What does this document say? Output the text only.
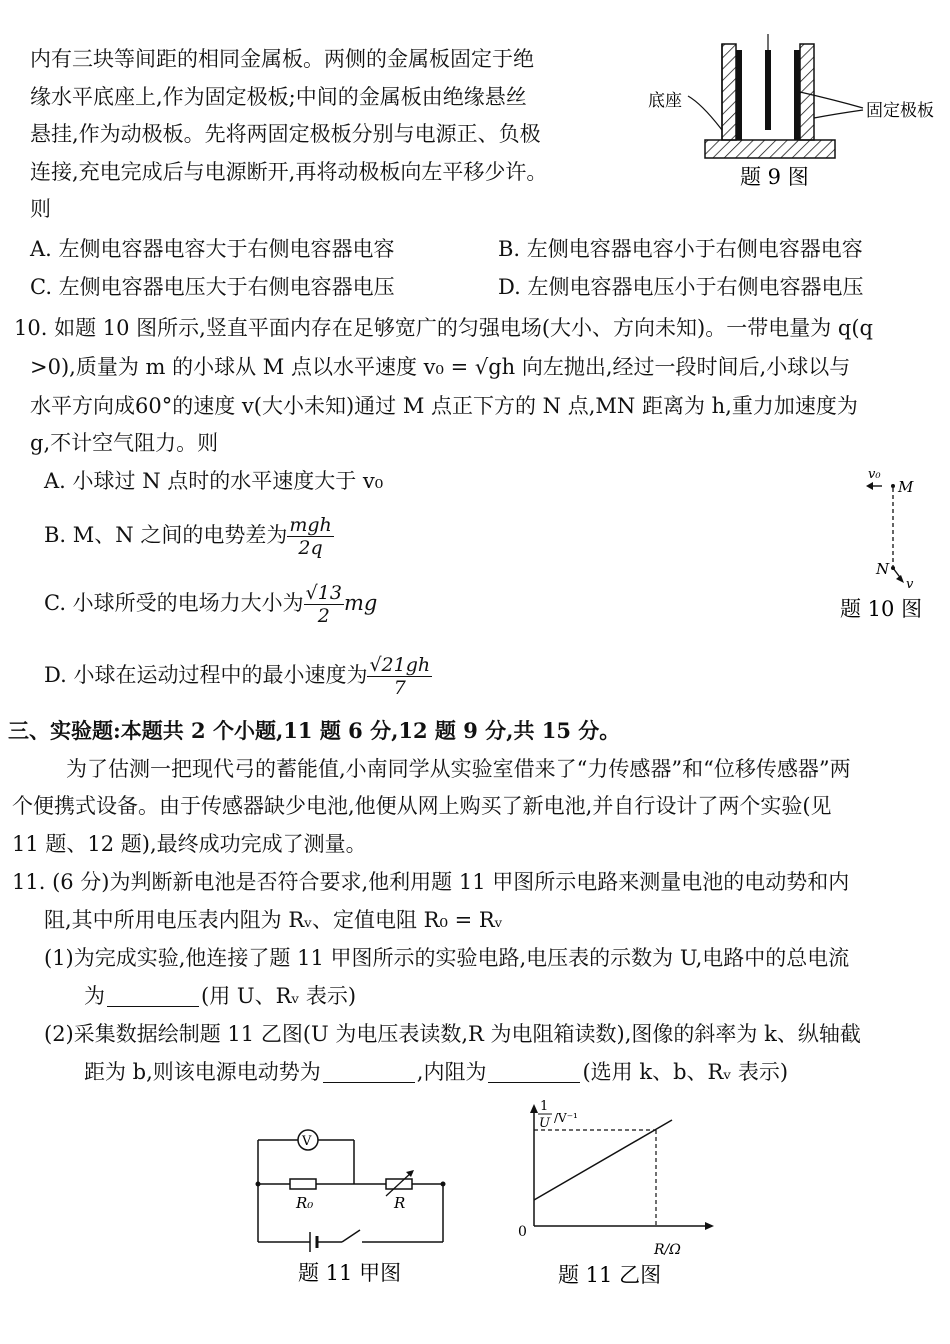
内有三块等间距的相同金属板。两侧的金属板固定于绝
缘水平底座上,作为固定极板;中间的金属板由绝缘悬丝
悬挂,作为动极板。先将两固定极板分别与电源正、负极
连接,充电完成后与电源断开,再将动极板向左平移少许。
则
A. 左侧电容器电容大于右侧电容器电容	B. 左侧电容器电容小于右侧电容器电容
C. 左侧电容器电压大于右侧电容器电压	D. 左侧电容器电压小于右侧电容器电压
底座	固定极板
题 9 图
10. 如题 10 图所示,竖直平面内存在足够宽广的匀强电场(大小、方向未知)。一带电量为 q(q
>0),质量为 m 的小球从 M 点以水平速度 v₀ = √gh 向左抛出,经过一段时间后,小球以与
水平方向成60°的速度 v(大小未知)通过 M 点正下方的 N 点,MN 距离为 h,重力加速度为
g,不计空气阻力。则
A. 小球过 N 点时的水平速度大于 v₀
B. M、N 之间的电势差为 $\frac{\text{mgh}}{2q}$
C. 小球所受的电场力大小为 $\frac{√13}{2}$ mg
D. 小球在运动过程中的最小速度为 $\frac{√21gh}{7}$
v₀
M
N
v
题 10 图
三、实验题:本题共 2 个小题,11 题 6 分,12 题 9 分,共 15 分。
为了估测一把现代弓的蓄能值,小南同学从实验室借来了“力传感器”和“位移传感器”两
个便携式设备。由于传感器缺少电池,他便从网上购买了新电池,并自行设计了两个实验(见
11 题、12 题),最终成功完成了测量。
11. (6 分)为判断新电池是否符合要求,他利用题 11 甲图所示电路来测量电池的电动势和内
阻,其中所用电压表内阻为 Rᵥ、定值电阻 R₀ = Rᵥ
(1)为完成实验,他连接了题 11 甲图所示的实验电路,电压表的示数为 U,电路中的总电流
为	(用 U、Rᵥ 表示)
(2)采集数据绘制题 11 乙图(U 为电压表读数,R 为电阻箱读数),图像的斜率为 k、纵轴截
距为 b,则该电源电动势为	,内阻为	(选用 k、b、Rᵥ 表示)
V
R₀	R
题 11 甲图
1
U /V⁻¹
0
R/Ω
题 11 乙图
